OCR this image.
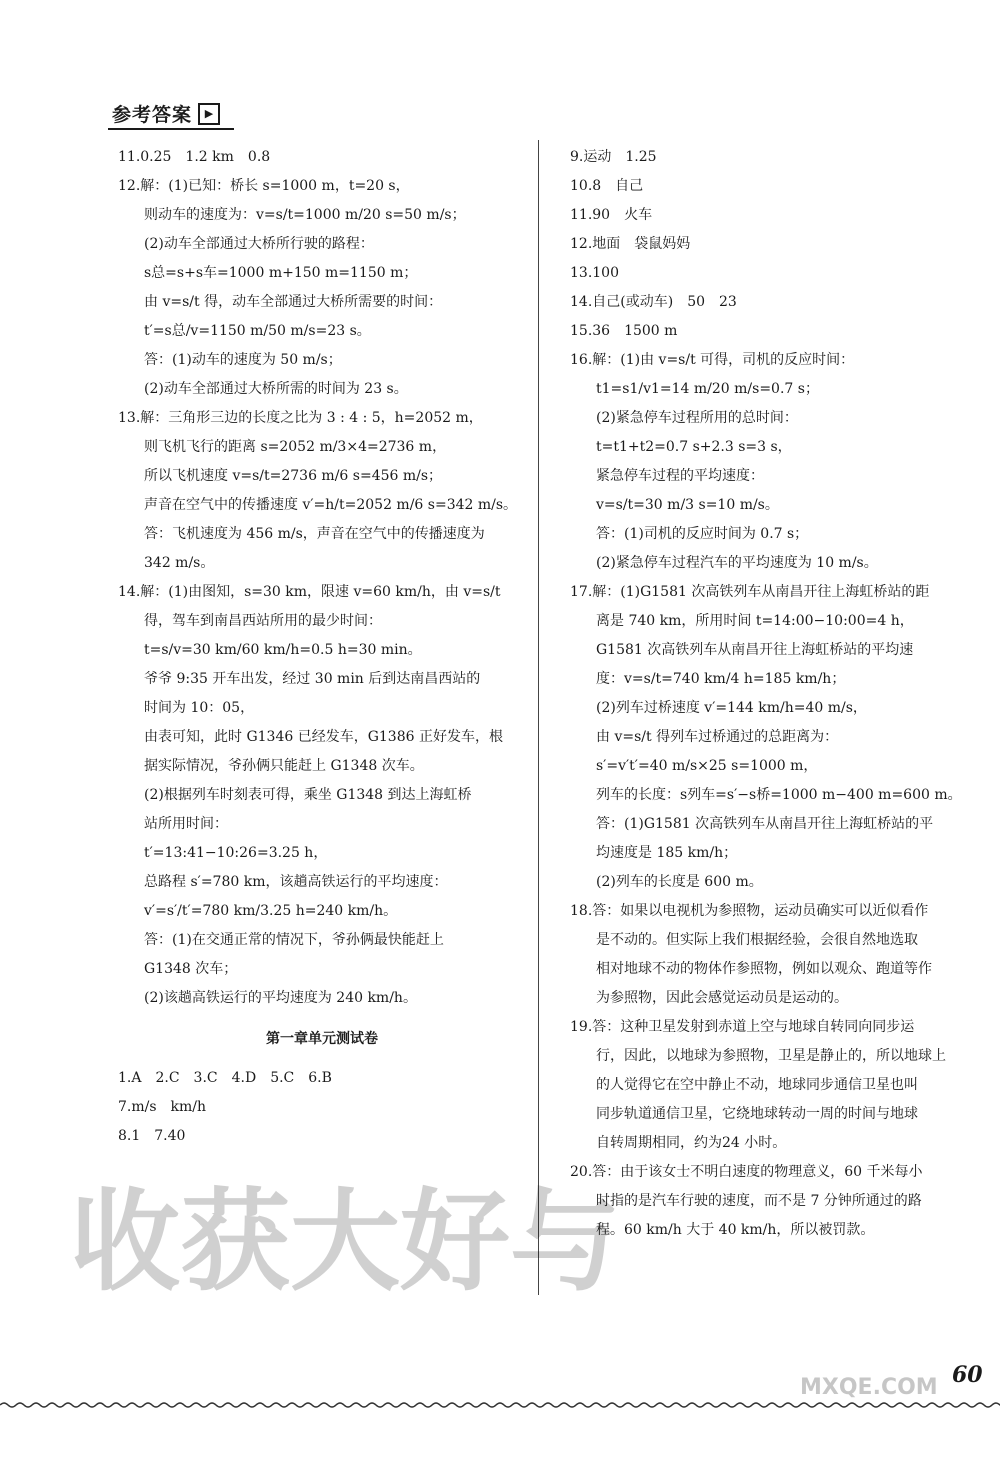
参考答案	▶
11.0.25　1.2 km　0.8
12.解：(1)已知：桥长 s=1000 m，t=20 s，
则动车的速度为：v=s/t=1000 m/20 s=50 m/s；
(2)动车全部通过大桥所行驶的路程：
s总=s+s车=1000 m+150 m=1150 m；
由 v=s/t 得，动车全部通过大桥所需要的时间：
t′=s总/v=1150 m/50 m/s=23 s。
答：(1)动车的速度为 50 m/s；
(2)动车全部通过大桥所需的时间为 23 s。
13.解：三角形三边的长度之比为 3 : 4 : 5，h=2052 m，
则飞机飞行的距离 s=2052 m/3×4=2736 m，
所以飞机速度 v=s/t=2736 m/6 s=456 m/s；
声音在空气中的传播速度 v′=h/t=2052 m/6 s=342 m/s。
答：飞机速度为 456 m/s，声音在空气中的传播速度为
342 m/s。
14.解：(1)由图知，s=30 km，限速 v=60 km/h，由 v=s/t
得，驾车到南昌西站所用的最少时间：
t=s/v=30 km/60 km/h=0.5 h=30 min。
爷爷 9:35 开车出发，经过 30 min 后到达南昌西站的
时间为 10：05，
由表可知，此时 G1346 已经发车，G1386 正好发车，根
据实际情况，爷孙俩只能赶上 G1348 次车。
(2)根据列车时刻表可得，乘坐 G1348 到达上海虹桥
站所用时间：
t′=13:41−10:26=3.25 h，
总路程 s′=780 km，该趟高铁运行的平均速度：
v′=s′/t′=780 km/3.25 h=240 km/h。
答：(1)在交通正常的情况下，爷孙俩最快能赶上
G1348 次车；
(2)该趟高铁运行的平均速度为 240 km/h。
第一章单元测试卷
1.A　2.C　3.C　4.D　5.C　6.B
7.m/s　km/h
8.1　7.40
9.运动　1.25
10.8　自己
11.90　火车
12.地面　袋鼠妈妈
13.100
14.自己(或动车)　50　23
15.36　1500 m
16.解：(1)由 v=s/t 可得，司机的反应时间：
t1=s1/v1=14 m/20 m/s=0.7 s；
(2)紧急停车过程所用的总时间：
t=t1+t2=0.7 s+2.3 s=3 s，
紧急停车过程的平均速度：
v=s/t=30 m/3 s=10 m/s。
答：(1)司机的反应时间为 0.7 s；
(2)紧急停车过程汽车的平均速度为 10 m/s。
17.解：(1)G1581 次高铁列车从南昌开往上海虹桥站的距
离是 740 km，所用时间 t=14:00−10:00=4 h，
G1581 次高铁列车从南昌开往上海虹桥站的平均速
度：v=s/t=740 km/4 h=185 km/h；
(2)列车过桥速度 v′=144 km/h=40 m/s，
由 v=s/t 得列车过桥通过的总距离为：
s′=v′t′=40 m/s×25 s=1000 m，
列车的长度：s列车=s′−s桥=1000 m−400 m=600 m。
答：(1)G1581 次高铁列车从南昌开往上海虹桥站的平
均速度是 185 km/h；
(2)列车的长度是 600 m。
18.答：如果以电视机为参照物，运动员确实可以近似看作
是不动的。但实际上我们根据经验，会很自然地选取
相对地球不动的物体作参照物，例如以观众、跑道等作
为参照物，因此会感觉运动员是运动的。
19.答：这种卫星发射到赤道上空与地球自转同向同步运
行，因此，以地球为参照物，卫星是静止的，所以地球上
的人觉得它在空中静止不动，地球同步通信卫星也叫
同步轨道通信卫星，它绕地球转动一周的时间与地球
自转周期相同，约为24 小时。
20.答：由于该女士不明白速度的物理意义，60 千米每小
时指的是汽车行驶的速度，而不是 7 分钟所通过的路
程。60 km/h 大于 40 km/h，所以被罚款。
收获大好与
MXQE.COM 60
